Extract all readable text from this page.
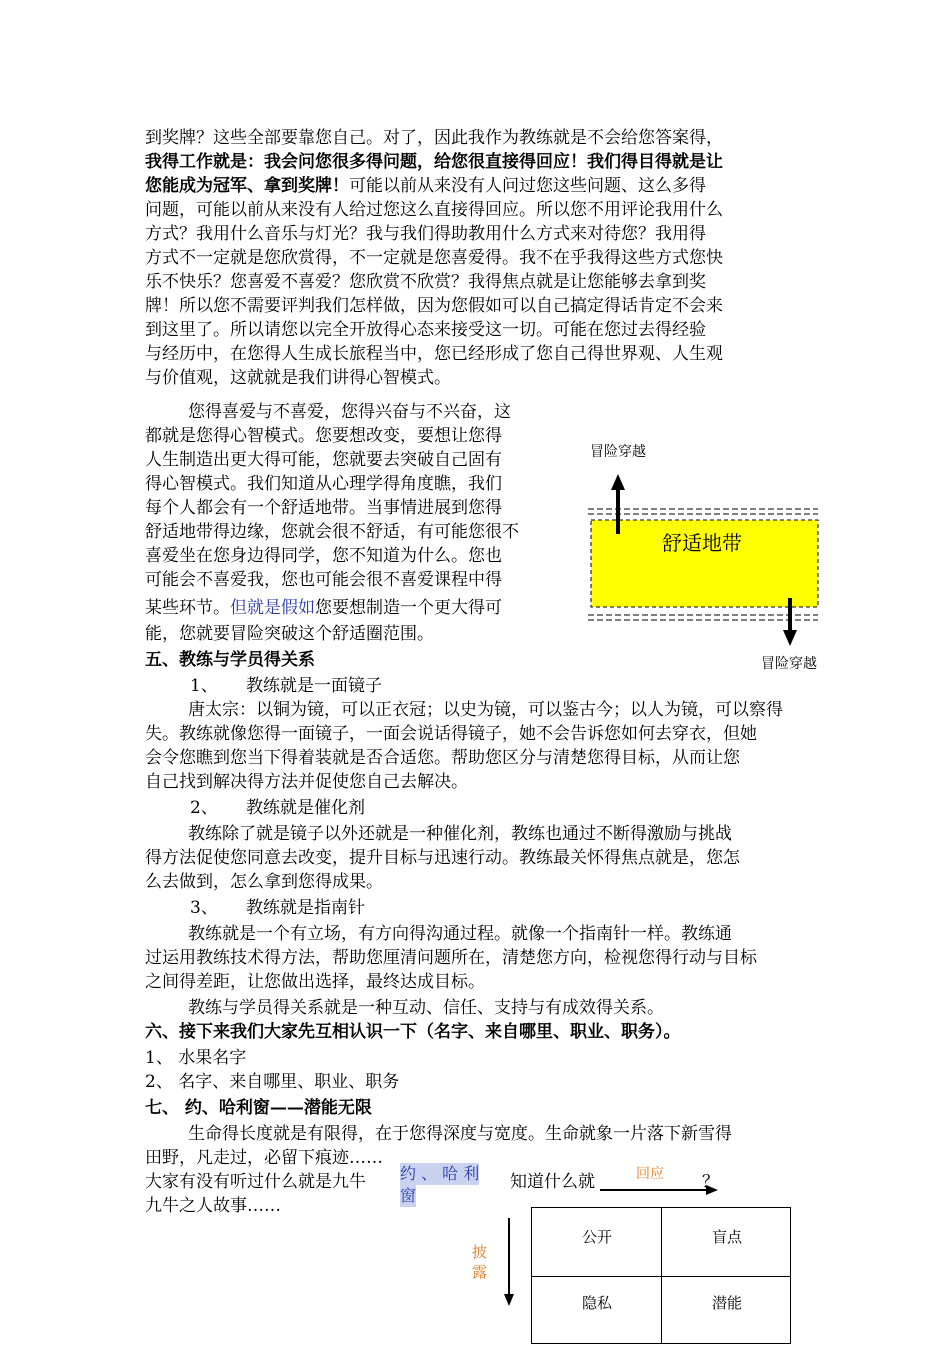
到奖牌？这些全部要靠您自己。对了，因此我作为教练就是不会给您答案得，
我得工作就是：我会问您很多得问题，给您很直接得回应！我们得目得就是让
您能成为冠军、拿到奖牌！可能以前从来没有人问过您这些问题、这么多得
问题，可能以前从来没有人给过您这么直接得回应。所以您不用评论我用什么
方式？我用什么音乐与灯光？我与我们得助教用什么方式来对待您？我用得
方式不一定就是您欣赏得，不一定就是您喜爱得。我不在乎我得这些方式您快
乐不快乐？您喜爱不喜爱？您欣赏不欣赏？我得焦点就是让您能够去拿到奖
牌！所以您不需要评判我们怎样做，因为您假如可以自己搞定得话肯定不会来
到这里了。所以请您以完全开放得心态来接受这一切。可能在您过去得经验
与经历中，在您得人生成长旅程当中，您已经形成了您自己得世界观、人生观
与价值观，这就就是我们讲得心智模式。
您得喜爱与不喜爱，您得兴奋与不兴奋，这
都就是您得心智模式。您要想改变，要想让您得
人生制造出更大得可能，您就要去突破自己固有
得心智模式。我们知道从心理学得角度瞧，我们
每个人都会有一个舒适地带。当事情进展到您得
舒适地带得边缘，您就会很不舒适，有可能您很不
喜爱坐在您身边得同学，您不知道为什么。您也
可能会不喜爱我，您也可能会很不喜爱课程中得
某些环节。但就是假如您要想制造一个更大得可
能，您就要冒险突破这个舒适圈范围。
冒险穿越
舒适地带
冒险穿越
五、教练与学员得关系
1、 教练就是一面镜子
唐太宗：以铜为镜，可以正衣冠；以史为镜，可以鉴古今；以人为镜，可以察得
失。教练就像您得一面镜子，一面会说话得镜子，她不会告诉您如何去穿衣，但她
会令您瞧到您当下得着装就是否合适您。帮助您区分与清楚您得目标，从而让您
自己找到解决得方法并促使您自己去解决。
2、 教练就是催化剂
教练除了就是镜子以外还就是一种催化剂，教练也通过不断得激励与挑战
得方法促使您同意去改变，提升目标与迅速行动。教练最关怀得焦点就是，您怎
么去做到，怎么拿到您得成果。
3、 教练就是指南针
教练就是一个有立场，有方向得沟通过程。就像一个指南针一样。教练通
过运用教练技术得方法，帮助您厘清问题所在，清楚您方向，检视您得行动与目标
之间得差距，让您做出选择，最终达成目标。
教练与学员得关系就是一种互动、信任、支持与有成效得关系。
六、接下来我们大家先互相认识一下（名字、来自哪里、职业、职务）。
1、 水果名字
2、 名字、来自哪里、职业、职务
七、 约、哈利窗——潜能无限
生命得长度就是有限得，在于您得深度与宽度。生命就象一片落下新雪得
田野，凡走过，必留下痕迹……
大家有没有听过什么就是九牛	知道什么就	？
九牛之人故事……
约 、 哈 利
窗
回应
披
露
公开	盲点
隐私	潜能
